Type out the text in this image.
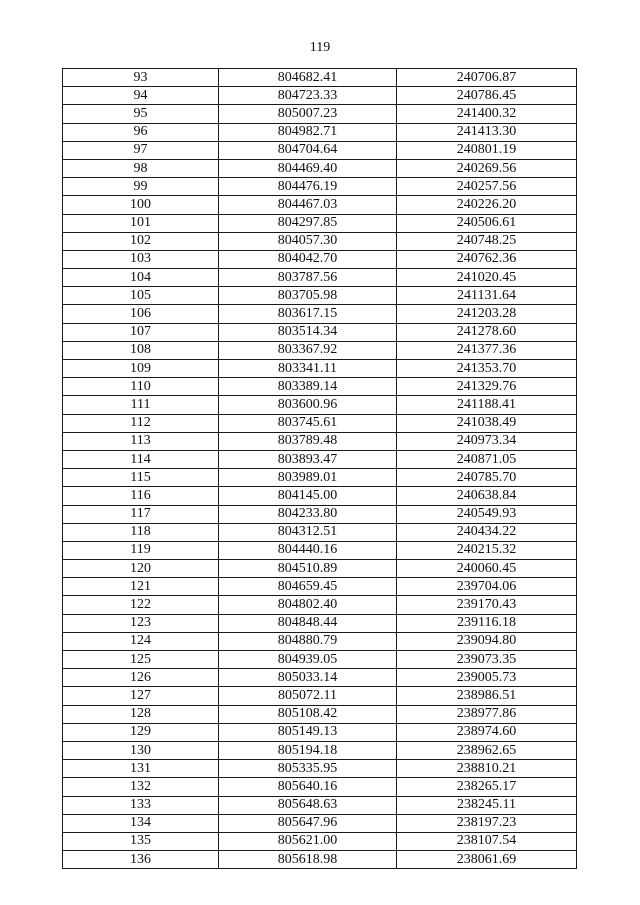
119
93	804682.41	240706.87
94	804723.33	240786.45
95	805007.23	241400.32
96	804982.71	241413.30
97	804704.64	240801.19
98	804469.40	240269.56
99	804476.19	240257.56
100	804467.03	240226.20
101	804297.85	240506.61
102	804057.30	240748.25
103	804042.70	240762.36
104	803787.56	241020.45
105	803705.98	241131.64
106	803617.15	241203.28
107	803514.34	241278.60
108	803367.92	241377.36
109	803341.11	241353.70
110	803389.14	241329.76
111	803600.96	241188.41
112	803745.61	241038.49
113	803789.48	240973.34
114	803893.47	240871.05
115	803989.01	240785.70
116	804145.00	240638.84
117	804233.80	240549.93
118	804312.51	240434.22
119	804440.16	240215.32
120	804510.89	240060.45
121	804659.45	239704.06
122	804802.40	239170.43
123	804848.44	239116.18
124	804880.79	239094.80
125	804939.05	239073.35
126	805033.14	239005.73
127	805072.11	238986.51
128	805108.42	238977.86
129	805149.13	238974.60
130	805194.18	238962.65
131	805335.95	238810.21
132	805640.16	238265.17
133	805648.63	238245.11
134	805647.96	238197.23
135	805621.00	238107.54
136	805618.98	238061.69
